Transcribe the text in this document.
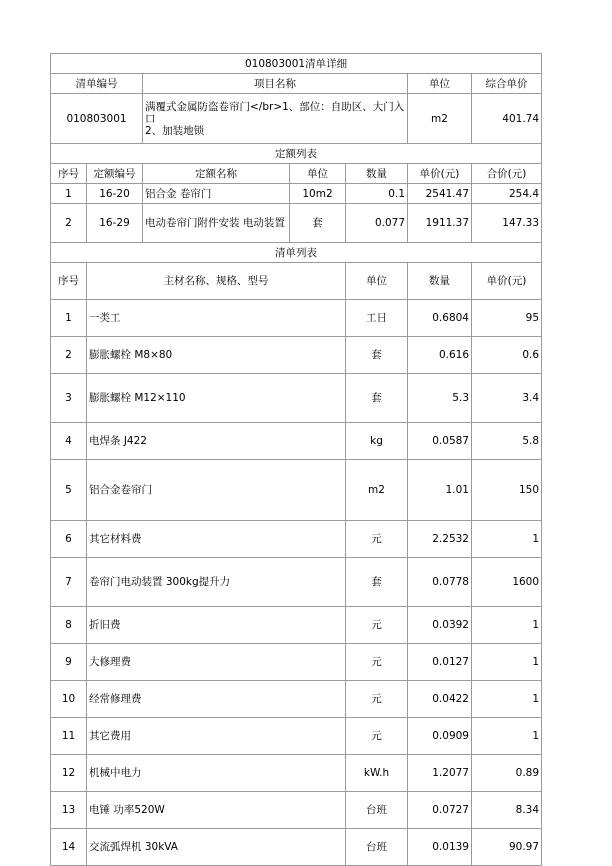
010803001清单详细							
清单编号		项目名称			单位	综合单价	
010803001		满覆式金属防盗卷帘门</br>1、部位：自助区、大门入口
2、加装地锁			m2	401.74	
定额列表							
序号	定额编号	定额名称	单位	数量	单价(元)	合价(元)	
1	16-20	铝合金 卷帘门	10m2	0.1	2541.47	254.4	
2	16-29	电动卷帘门附件安装 电动装置	套	0.077	1911.37	147.33	
清单列表							
序号	主材名称、规格、型号			单位	数量	单价(元)	
1	一类工			工日	0.6804	95	
2	膨胀螺栓 M8×80			套	0.616	0.6	
3	膨胀螺栓 M12×110			套	5.3	3.4	
4	电焊条 J422			kg	0.0587	5.8	
5	铝合金卷帘门			m2	1.01	150	
6	其它材料费			元	2.2532	1	
7	卷帘门电动装置 300kg提升力			套	0.0778	1600	
8	折旧费			元	0.0392	1	
9	大修理费			元	0.0127	1	
10	经常修理费			元	0.0422	1	
11	其它费用			元	0.0909	1	
12	机械中电力			kW.h	1.2077	0.89	
13	电锤 功率520W			台班	0.0727	8.34	
14	交流弧焊机 30kVA			台班	0.0139	90.97	
